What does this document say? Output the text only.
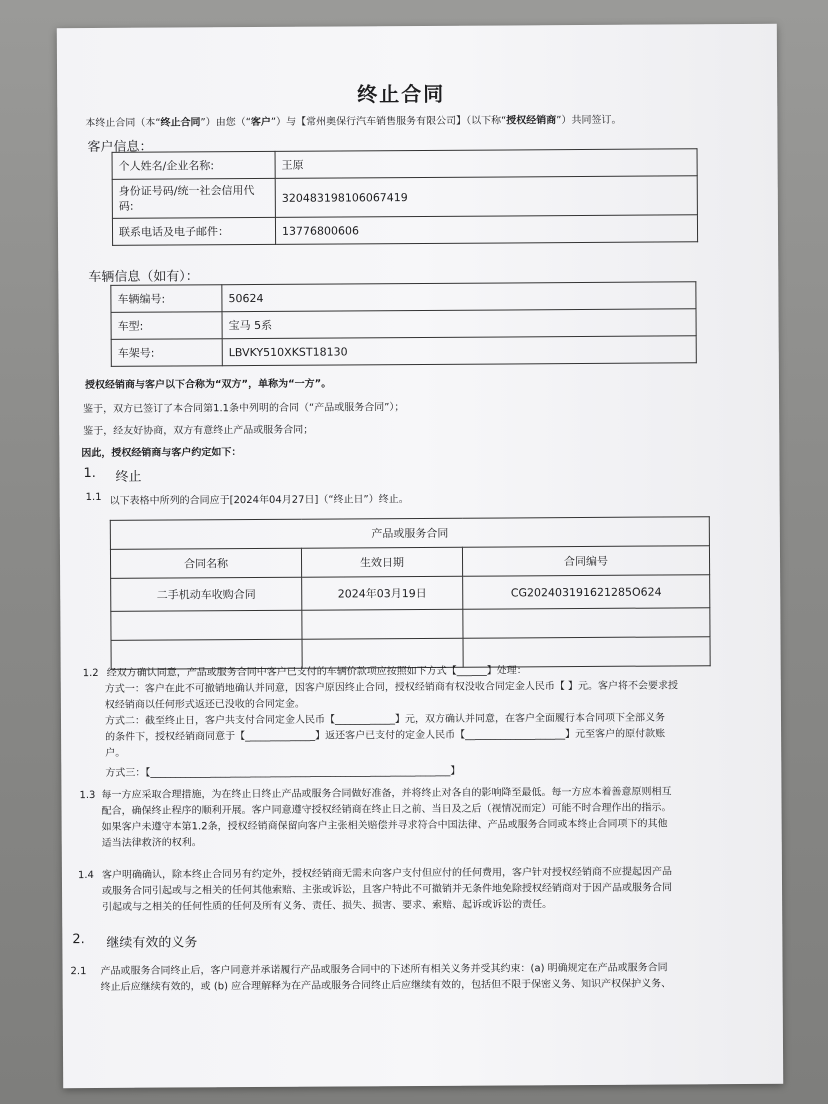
终止合同
本终止合同（本“终止合同”）由您（“客户”）与【常州奥保行汽车销售服务有限公司】（以下称“授权经销商”）共同签订。
客户信息：
个人姓名/企业名称:	王原
身份证号码/统一社会信用代码:	320483198106067419
联系电话及电子邮件：	13776800606
车辆信息（如有）：
车辆编号:	50624
车型:	宝马 5系
车架号:	LBVKY510XKST18130
授权经销商与客户以下合称为“双方”，单称为“一方”。
鉴于，双方已签订了本合同第1.1条中列明的合同（“产品或服务合同”）；
鉴于，经友好协商，双方有意终止产品或服务合同；
因此，授权经销商与客户约定如下：
1. 终止
1.1 以下表格中所列的合同应于[2024年04月27日]（“终止日”）终止。
产品或服务合同		
合同名称	生效日期	合同编号
二手机动车收购合同	2024年03月19日	CG202403191621285O624

1.2 经双方确认同意，产品或服务合同中客户已支付的车辆价款项应按照如下方式【______】处理：
方式一：客户在此不可撤销地确认并同意，因客户原因终止合同，授权经销商有权没收合同定金人民币【 】元。客户将不会要求授
权经销商以任何形式返还已没收的合同定金。
方式二：截至终止日，客户共支付合同定金人民币【____________】元，双方确认并同意，在客户全面履行本合同项下全部义务
的条件下，授权经销商同意于【______________】返还客户已支付的定金人民币【____________________】元至客户的原付款账
户。
方式三：【____________________________________________________________】
1.3 每一方应采取合理措施，为在终止日终止产品或服务合同做好准备，并将终止对各自的影响降至最低。每一方应本着善意原则相互
配合，确保终止程序的顺利开展。客户同意遵守授权经销商在终止日之前、当日及之后（视情况而定）可能不时合理作出的指示。
如果客户未遵守本第1.2条，授权经销商保留向客户主张相关赔偿并寻求符合中国法律、产品或服务合同或本终止合同项下的其他
适当法律救济的权利。
1.4 客户明确确认，除本终止合同另有约定外，授权经销商无需未向客户支付但应付的任何费用，客户针对授权经销商不应提起因产品
或服务合同引起或与之相关的任何其他索赔、主张或诉讼，且客户特此不可撤销并无条件地免除授权经销商对于因产品或服务合同
引起或与之相关的任何性质的任何及所有义务、责任、损失、损害、要求、索赔、起诉或诉讼的责任。
2. 继续有效的义务
2.1 产品或服务合同终止后，客户同意并承诺履行产品或服务合同中的下述所有相关义务并受其约束：(a) 明确规定在产品或服务合同
终止后应继续有效的，或 (b) 应合理解释为在产品或服务合同终止后应继续有效的，包括但不限于保密义务、知识产权保护义务、
